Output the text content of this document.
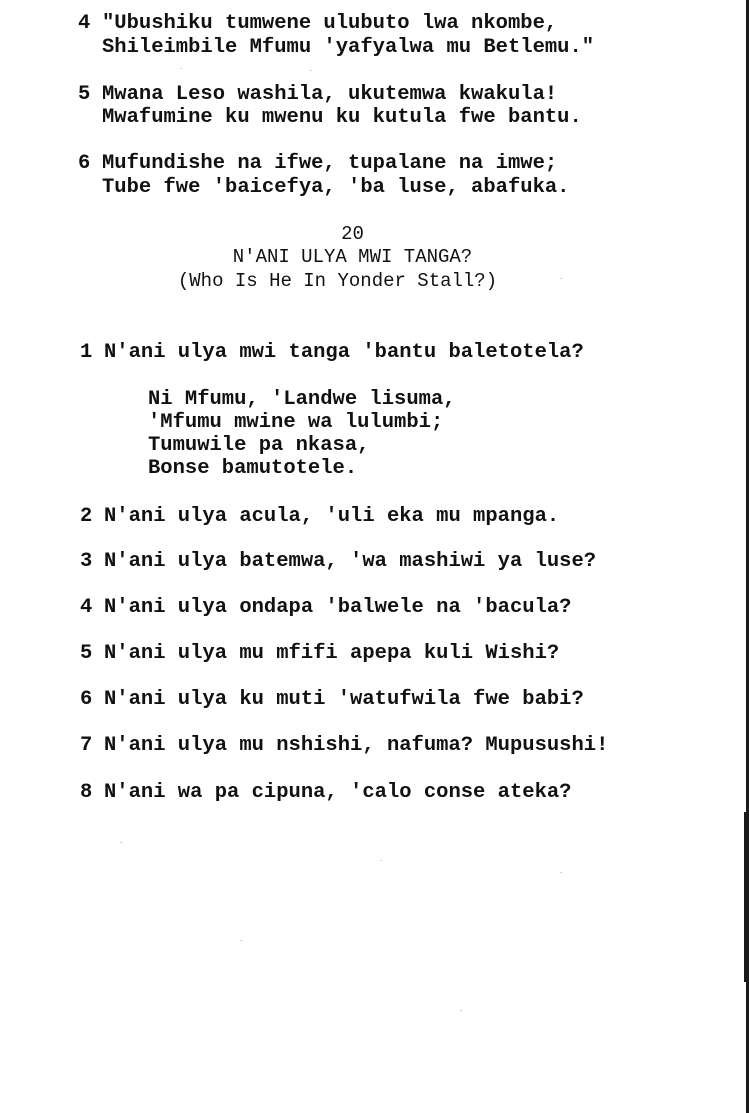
4 "Ubushiku tumwene ulubuto lwa nkombe,
Shileimbile Mfumu 'yafyalwa mu Betlemu."
5 Mwana Leso washila, ukutemwa kwakula!
Mwafumine ku mwenu ku kutula fwe bantu.
6 Mufundishe na ifwe, tupalane na imwe;
Tube fwe 'baicefya, 'ba luse, abafuka.
20
N'ANI ULYA MWI TANGA?
(Who Is He In Yonder Stall?)
1 N'ani ulya mwi tanga 'bantu baletotela?
Ni Mfumu, 'Landwe lisuma,
'Mfumu mwine wa lulumbi;
Tumuwile pa nkasa,
Bonse bamutotele.
2 N'ani ulya acula, 'uli eka mu mpanga.
3 N'ani ulya batemwa, 'wa mashiwi ya luse?
4 N'ani ulya ondapa 'balwele na 'bacula?
5 N'ani ulya mu mfifi apepa kuli Wishi?
6 N'ani ulya ku muti 'watufwila fwe babi?
7 N'ani ulya mu nshishi, nafuma? Mupusushi!
8 N'ani wa pa cipuna, 'calo conse ateka?
